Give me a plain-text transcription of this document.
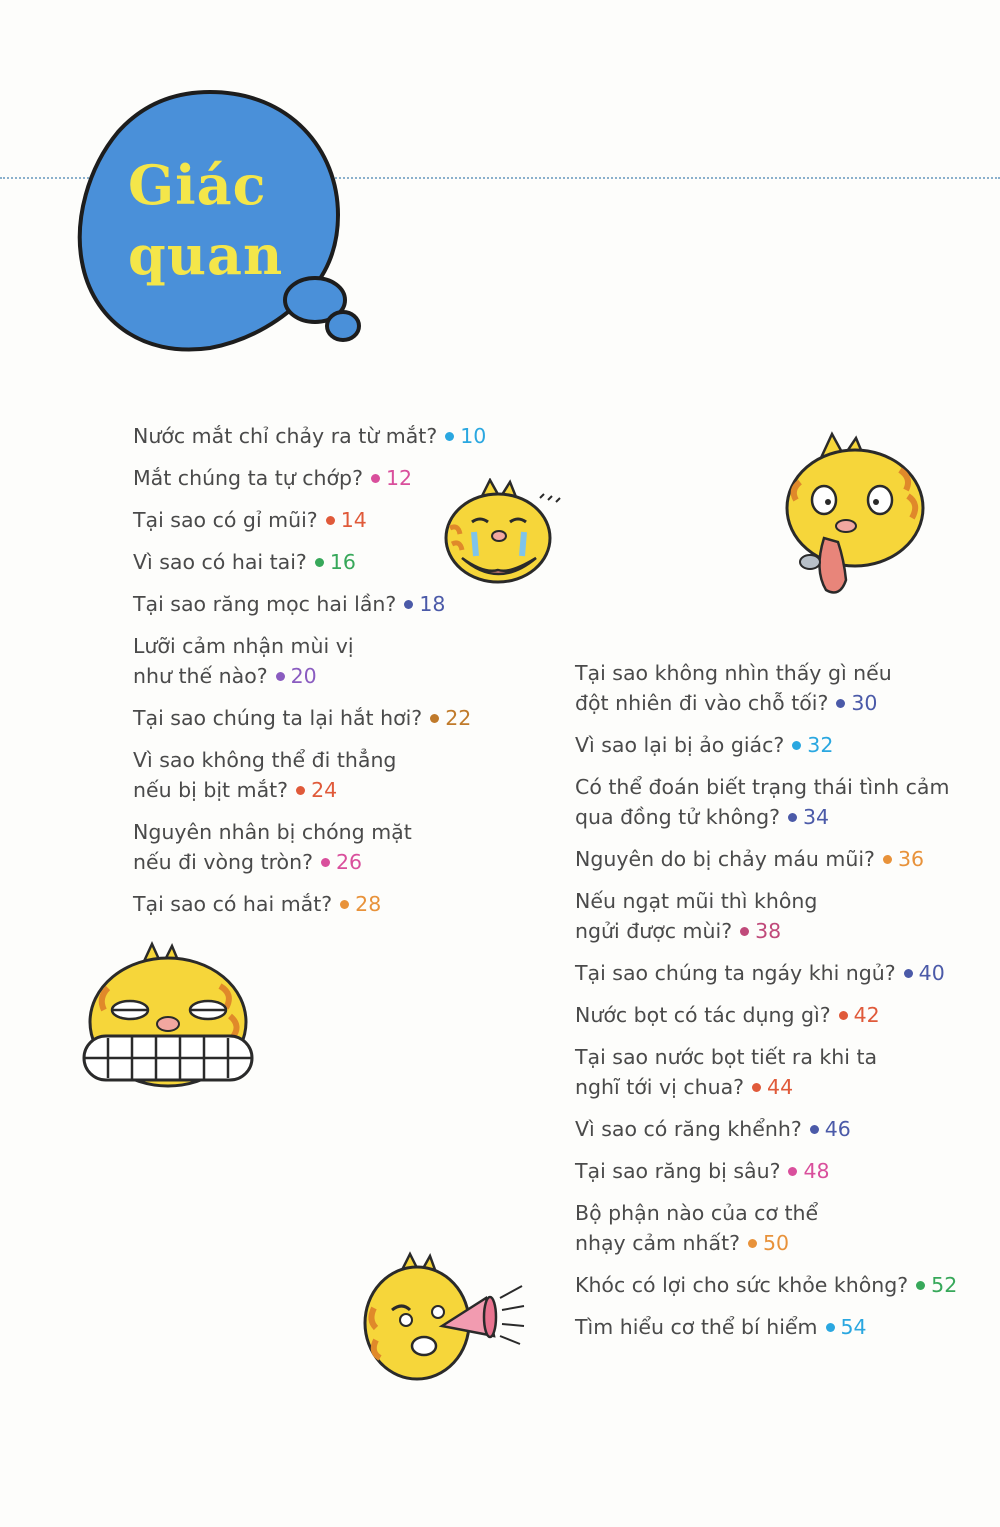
Giác
quan
Nước mắt chỉ chảy ra từ mắt? 10
Mắt chúng ta tự chớp? 12
Tại sao có gỉ mũi? 14
Vì sao có hai tai? 16
Tại sao răng mọc hai lần? 18
Lưỡi cảm nhận mùi vị
như thế nào? 20
Tại sao chúng ta lại hắt hơi? 22
Vì sao không thể đi thẳng
nếu bị bịt mắt? 24
Nguyên nhân bị chóng mặt
nếu đi vòng tròn? 26
Tại sao có hai mắt? 28
Tại sao không nhìn thấy gì nếu
đột nhiên đi vào chỗ tối? 30
Vì sao lại bị ảo giác? 32
Có thể đoán biết trạng thái tình cảm
qua đồng tử không? 34
Nguyên do bị chảy máu mũi? 36
Nếu ngạt mũi thì không
ngửi được mùi? 38
Tại sao chúng ta ngáy khi ngủ? 40
Nước bọt có tác dụng gì? 42
Tại sao nước bọt tiết ra khi ta
nghĩ tới vị chua? 44
Vì sao có răng khểnh? 46
Tại sao răng bị sâu? 48
Bộ phận nào của cơ thể
nhạy cảm nhất? 50
Khóc có lợi cho sức khỏe không? 52
Tìm hiểu cơ thể bí hiểm 54
